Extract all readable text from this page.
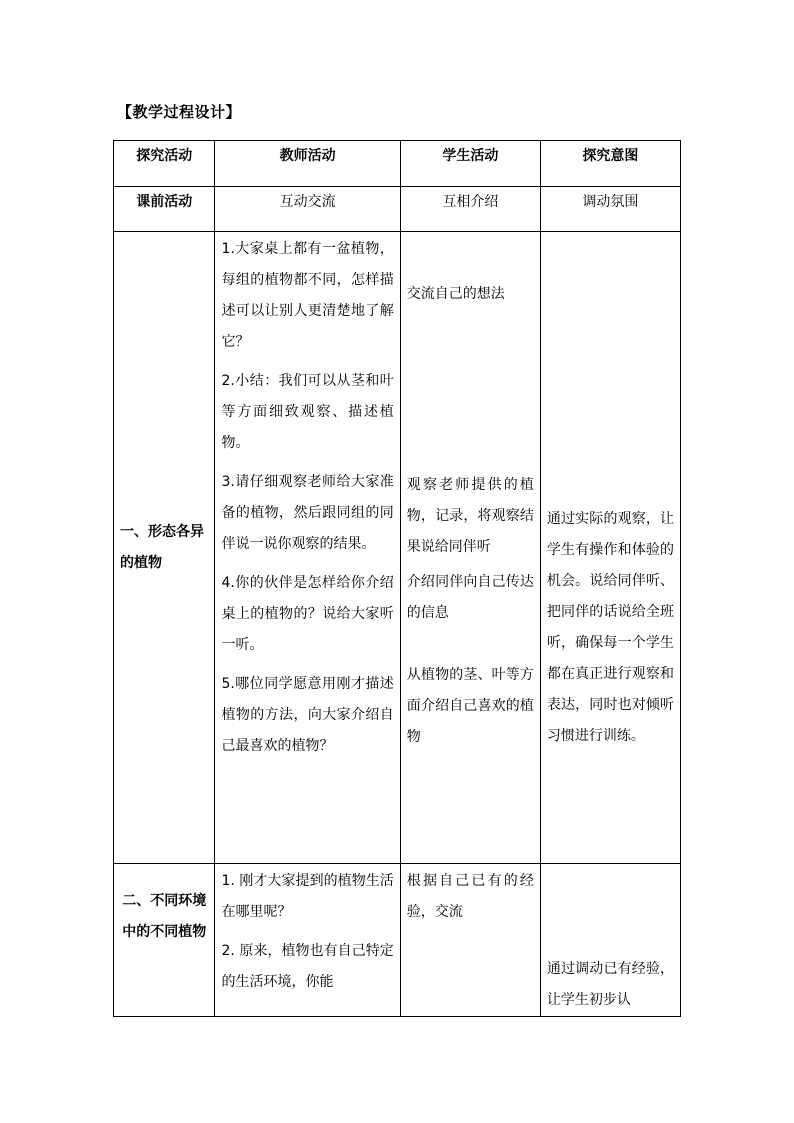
【教学过程设计】
探究活动	教师活动	学生活动	探究意图
课前活动	互动交流	互相介绍	调动氛围

一、形态各异的植物	1.大家桌上都有一盆植物，每组的植物都不同，怎样描述可以让别人更清楚地了解它？
2.小结：我们可以从茎和叶等方面细致观察、描述植物。
3.请仔细观察老师给大家准备的植物，然后跟同组的同伴说一说你观察的结果。
4.你的伙伴是怎样给你介绍桌上的植物的？说给大家听一听。
5.哪位同学愿意用刚才描述植物的方法，向大家介绍自己最喜欢的植物？	交流自己的想法
观察老师提供的植物，记录，将观察结果说给同伴听
介绍同伴向自己传达的信息
从植物的茎、叶等方面介绍自己喜欢的植物	通过实际的观察，让学生有操作和体验的机会。说给同伴听、把同伴的话说给全班听，确保每一个学生都在真正进行观察和表达，同时也对倾听习惯进行训练。

二、不同环境中的不同植物	1. 刚才大家提到的植物生活在哪里呢？
2. 原来，植物也有自己特定的生活环境，你能	根据自己已有的经验，交流	通过调动已有经验，让学生初步认
